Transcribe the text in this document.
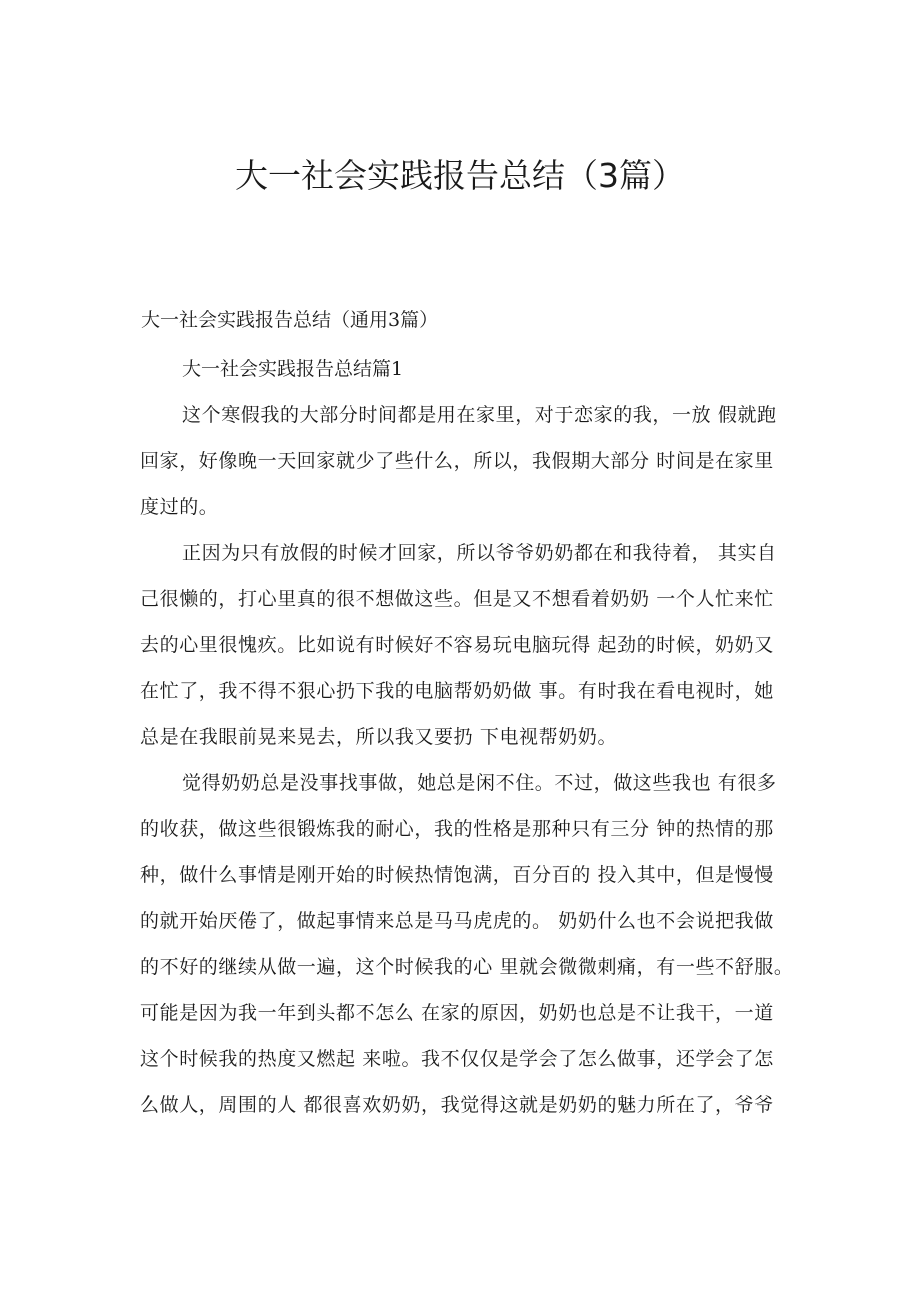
大一社会实践报告总结（3篇）

大一社会实践报告总结（通用3篇）

大一社会实践报告总结篇1

这个寒假我的大部分时间都是用在家里，对于恋家的我，一放 假就跑
回家，好像晚一天回家就少了些什么，所以，我假期大部分 时间是在家里
度过的。
正因为只有放假的时候才回家，所以爷爷奶奶都在和我待着， 其实自
己很懒的，打心里真的很不想做这些。但是又不想看着奶奶 一个人忙来忙
去的心里很愧疚。比如说有时候好不容易玩电脑玩得 起劲的时候，奶奶又
在忙了，我不得不狠心扔下我的电脑帮奶奶做 事。有时我在看电视时，她
总是在我眼前晃来晃去，所以我又要扔 下电视帮奶奶。
觉得奶奶总是没事找事做，她总是闲不住。不过，做这些我也 有很多
的收获，做这些很锻炼我的耐心，我的性格是那种只有三分 钟的热情的那
种，做什么事情是刚开始的时候热情饱满，百分百的 投入其中，但是慢慢
的就开始厌倦了，做起事情来总是马马虎虎的。 奶奶什么也不会说把我做
的不好的继续从做一遍，这个时候我的心 里就会微微刺痛，有一些不舒服。
可能是因为我一年到头都不怎么 在家的原因，奶奶也总是不让我干，一道
这个时候我的热度又燃起 来啦。我不仅仅是学会了怎么做事，还学会了怎
么做人，周围的人 都很喜欢奶奶，我觉得这就是奶奶的魅力所在了，爷爷
